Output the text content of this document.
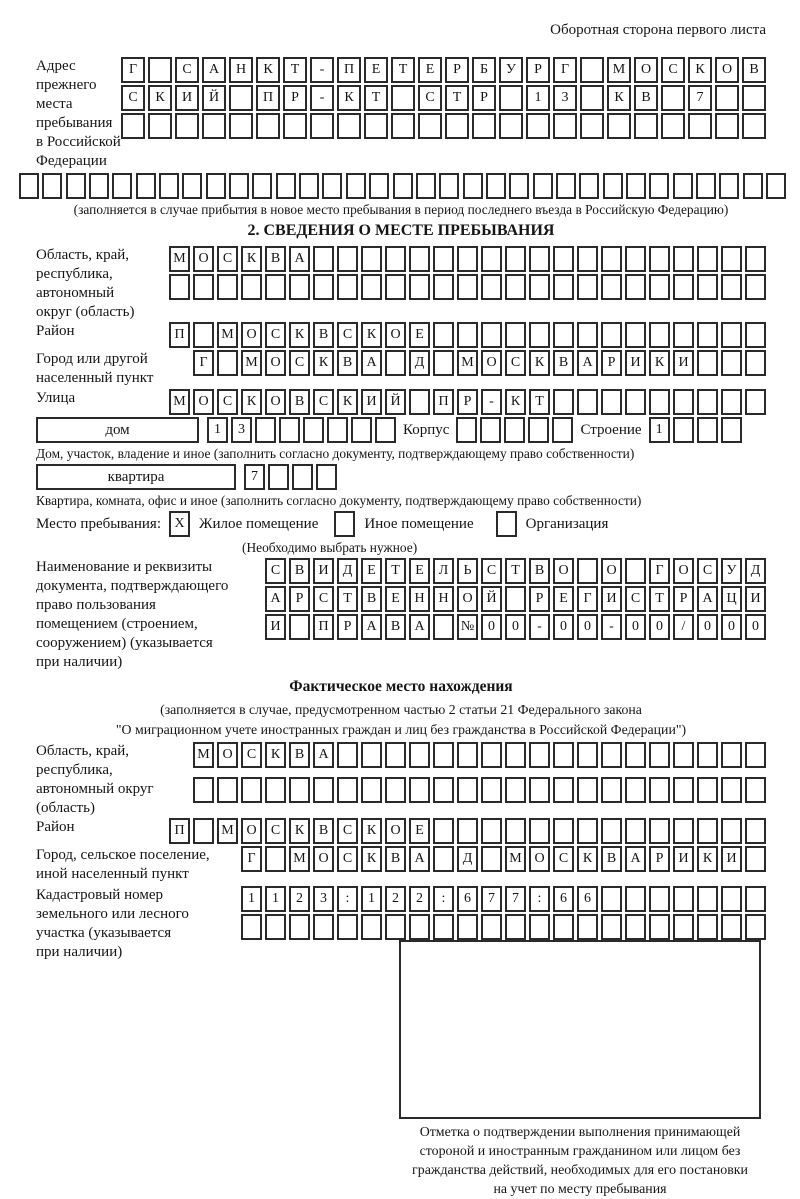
Оборотная сторона первого листа
Адрес прежнего
места пребывания
в Российской
Федерации
Г	С	А	Н	К	Т	-	П	Е	Т	Е	Р	Б	У	Р	Г	М	О	С	К	О	В
С	К	И	Й	П	Р	-	К	Т	С	Т	Р	1	3	К	В	7
(заполняется в случае прибытия в новое место пребывания в период последнего въезда в Российскую Федерацию)
2. СВЕДЕНИЯ О МЕСТЕ ПРЕБЫВАНИЯ
Область, край,
республика,
автономный
округ (область)
М О	С	К	В	А
Район	П	М О	С	К	В	С	К	О	Е
Город или другой
населенный пункт
Г	М О	С	К	В	А	Д	М О	С	К	В	А	Р	И	К	И
Улица	М О	С	К	О	В	С	К	И Й	П	Р	-	К	Т
дом	1	3	Корпус	Строение	1
Дом, участок, владение и иное (заполнить согласно документу, подтверждающему право собственности)
квартира	7
Квартира, комната, офис и иное (заполнить согласно документу, подтверждающему право собственности)
Место пребывания: X Жилое помещение	Иное помещение	Организация
(Необходимо выбрать нужное)
Наименование и реквизиты
документа, подтверждающего
право пользования
помещением (строением,
сооружением) (указывается
при наличии)
С	В	И	Д	Е	Т	Е	Л	Ь	С	Т	В	О	О	Г	О	С	У	Д
А	Р	С	Т	В	Е	Н Н О Й	Р	Е	Г	И	С	Т	Р	А Ц И
И	П	Р	А	В	А	№ 0	0	-	0	0	-	0	0	/	0	0	0
Фактическое место нахождения
(заполняется в случае, предусмотренном частью 2 статьи 21 Федерального закона
"О миграционном учете иностранных граждан и лиц без гражданства в Российской Федерации")
Область, край,
республика,
автономный округ
(область)
М О	С	К	В	А
Район	П	М О	С	К	В	С	К	О	Е
Город, сельское поселение,
иной населенный пункт
Г	М О	С	К	В	А	Д	М О	С	К	В	А	Р	И	К	И
Кадастровый номер
земельного или лесного
участка (указывается
при наличии)
1	1	2	3	:	1	2	2	:	6	7	7	:	6	6
Отметка о подтверждении выполнения принимающей
стороной и иностранным гражданином или лицом без
гражданства действий, необходимых для его постановки
на учет по месту пребывания
